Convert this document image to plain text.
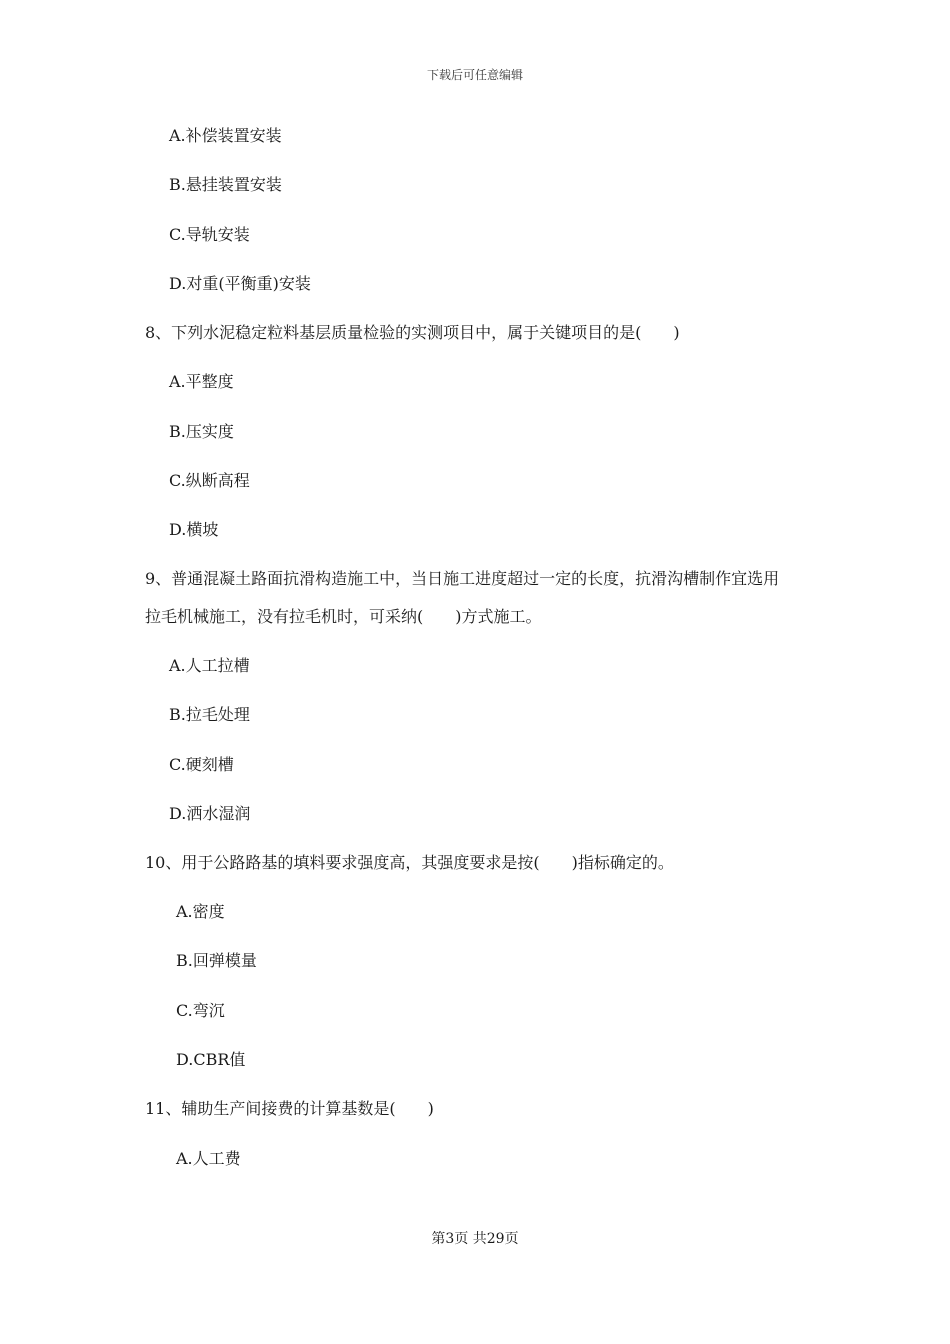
下载后可任意编辑
A.补偿装置安装
B.悬挂装置安装
C.导轨安装
D.对重(平衡重)安装
8、下列水泥稳定粒料基层质量检验的实测项目中，属于关键项目的是(　　)
A.平整度
B.压实度
C.纵断高程
D.横坡
9、普通混凝土路面抗滑构造施工中，当日施工进度超过一定的长度，抗滑沟槽制作宜选用
拉毛机械施工，没有拉毛机时，可采纳(　　)方式施工。
A.人工拉槽
B.拉毛处理
C.硬刻槽
D.洒水湿润
10、用于公路路基的填料要求强度高，其强度要求是按(　　)指标确定的。
A.密度
B.回弹模量
C.弯沉
D.CBR值
11、辅助生产间接费的计算基数是(　　)
A.人工费
第3页 共29页
